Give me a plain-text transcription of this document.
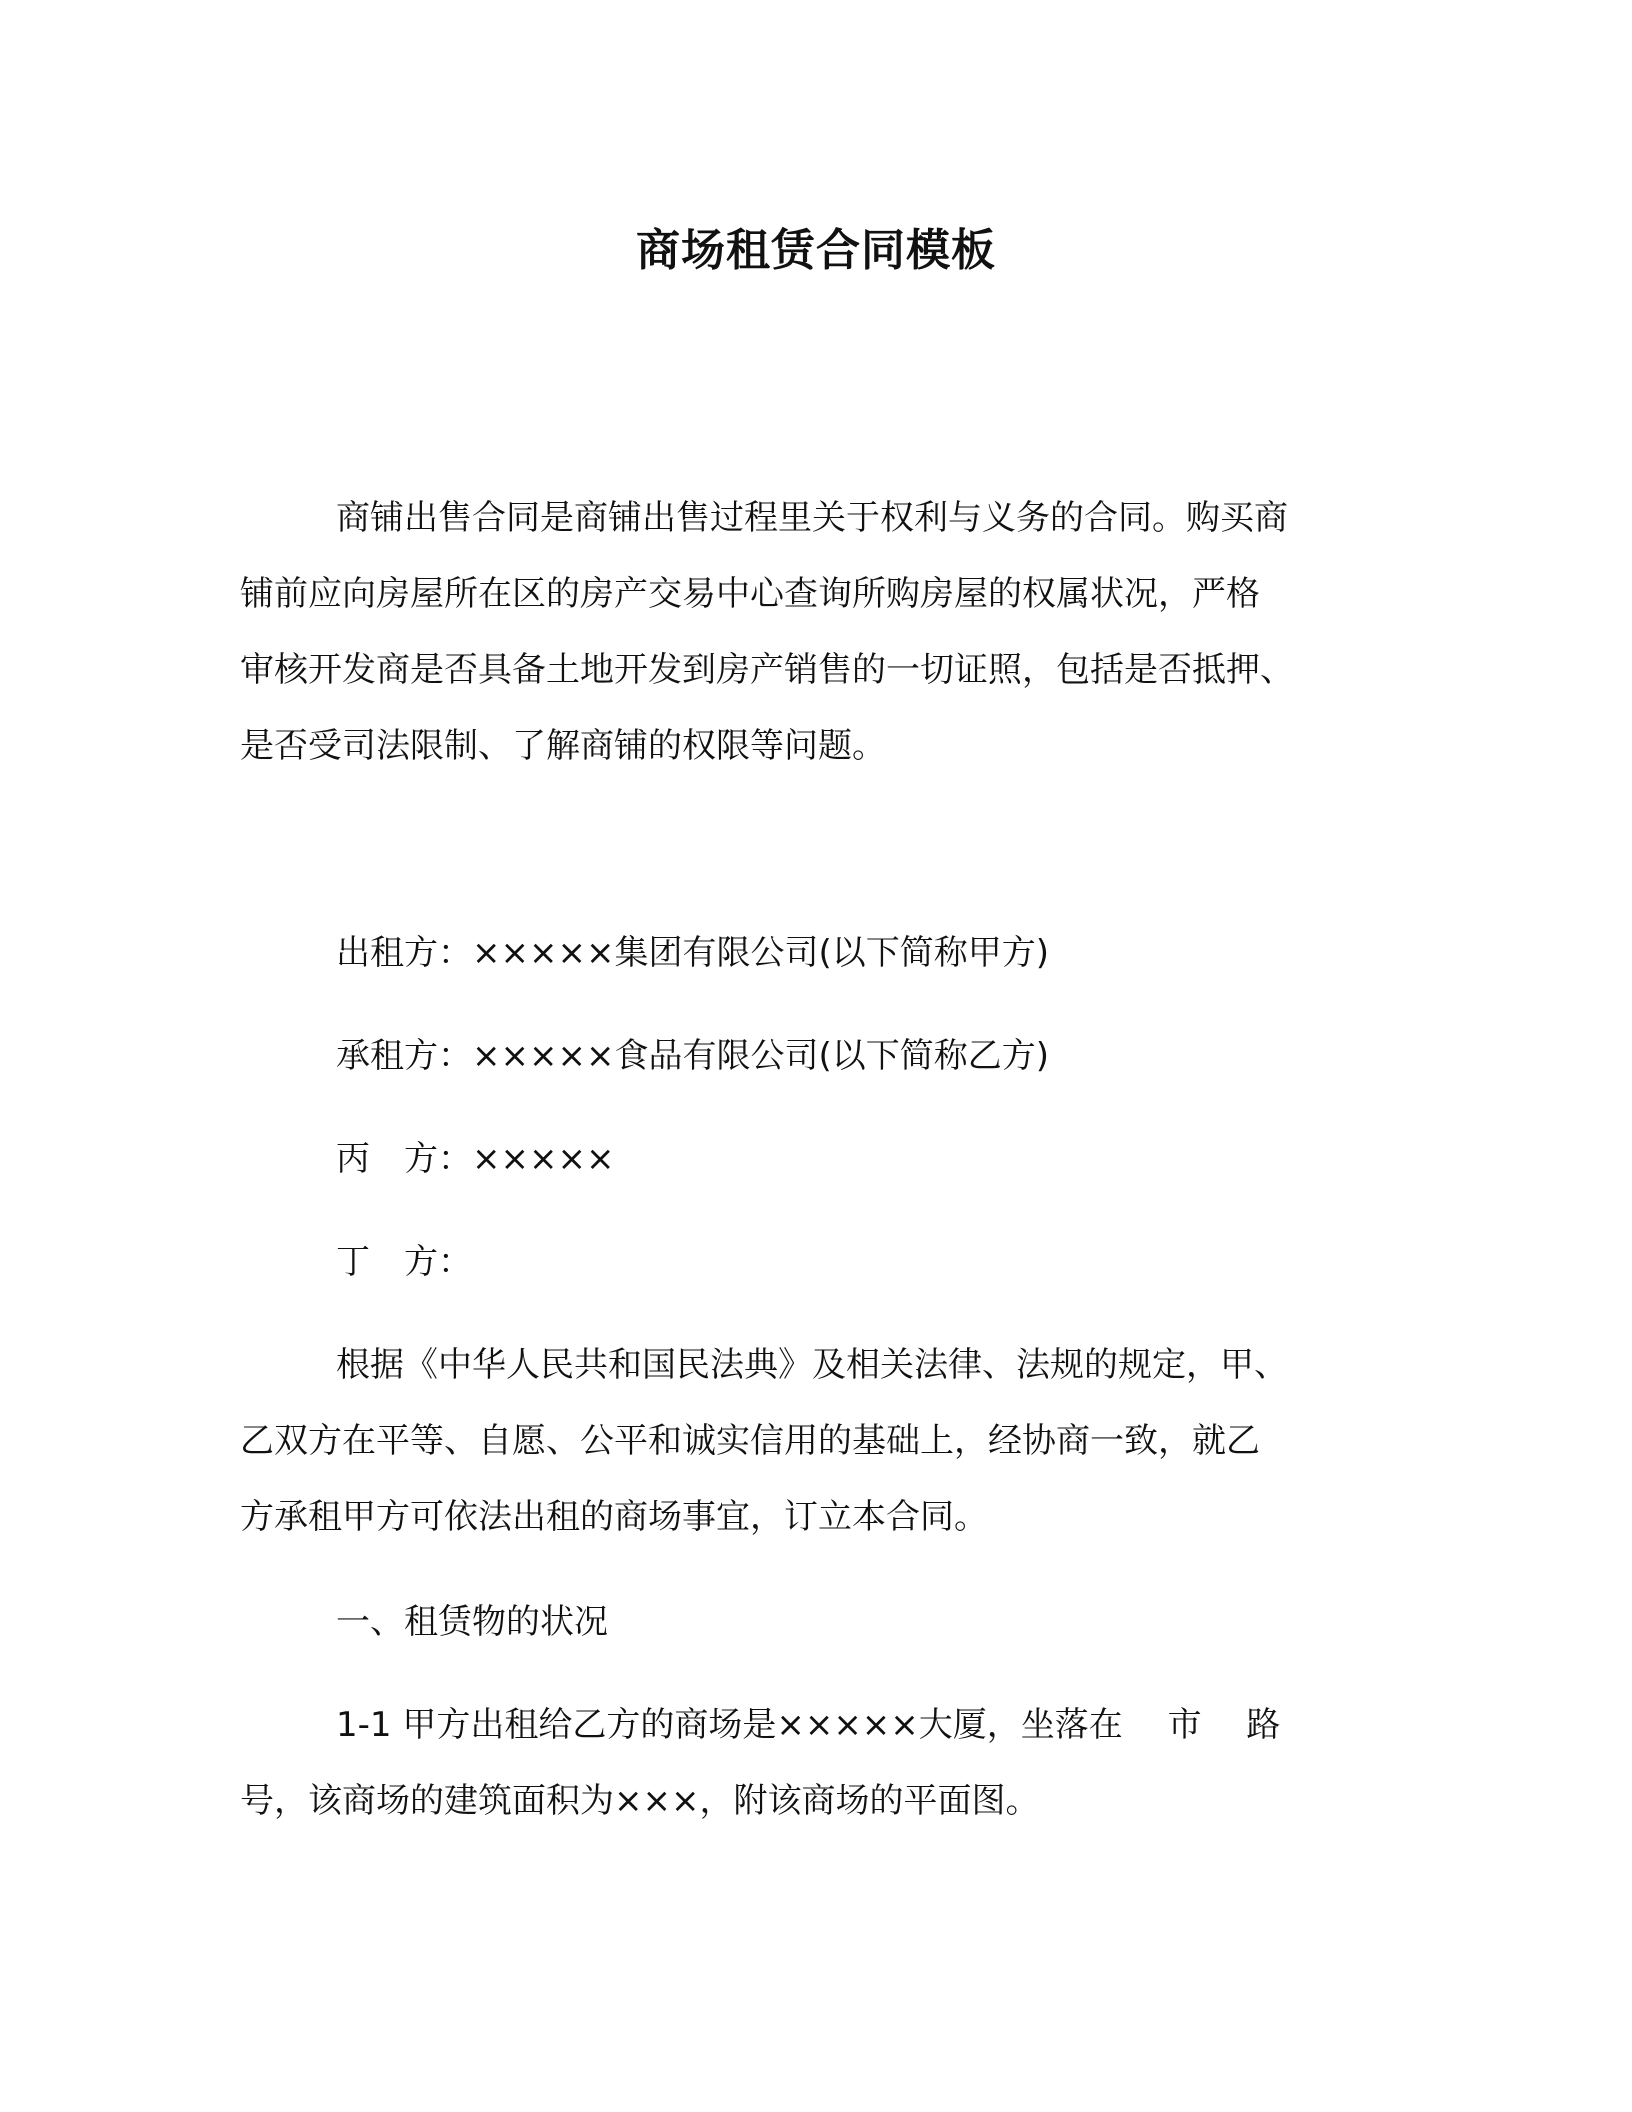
商场租赁合同模板
商铺出售合同是商铺出售过程里关于权利与义务的合同。购买商
铺前应向房屋所在区的房产交易中心查询所购房屋的权属状况，严格
审核开发商是否具备土地开发到房产销售的一切证照，包括是否抵押、
是否受司法限制、了解商铺的权限等问题。
出租方：×××××集团有限公司(以下简称甲方)
承租方：×××××食品有限公司(以下简称乙方)
丙　方：×××××
丁　方：
根据《中华人民共和国民法典》及相关法律、法规的规定，甲、
乙双方在平等、自愿、公平和诚实信用的基础上，经协商一致，就乙
方承租甲方可依法出租的商场事宜，订立本合同。
一、租赁物的状况
1-1 甲方出租给乙方的商场是×××××大厦，坐落在　 市　 路
号，该商场的建筑面积为×××，附该商场的平面图。
